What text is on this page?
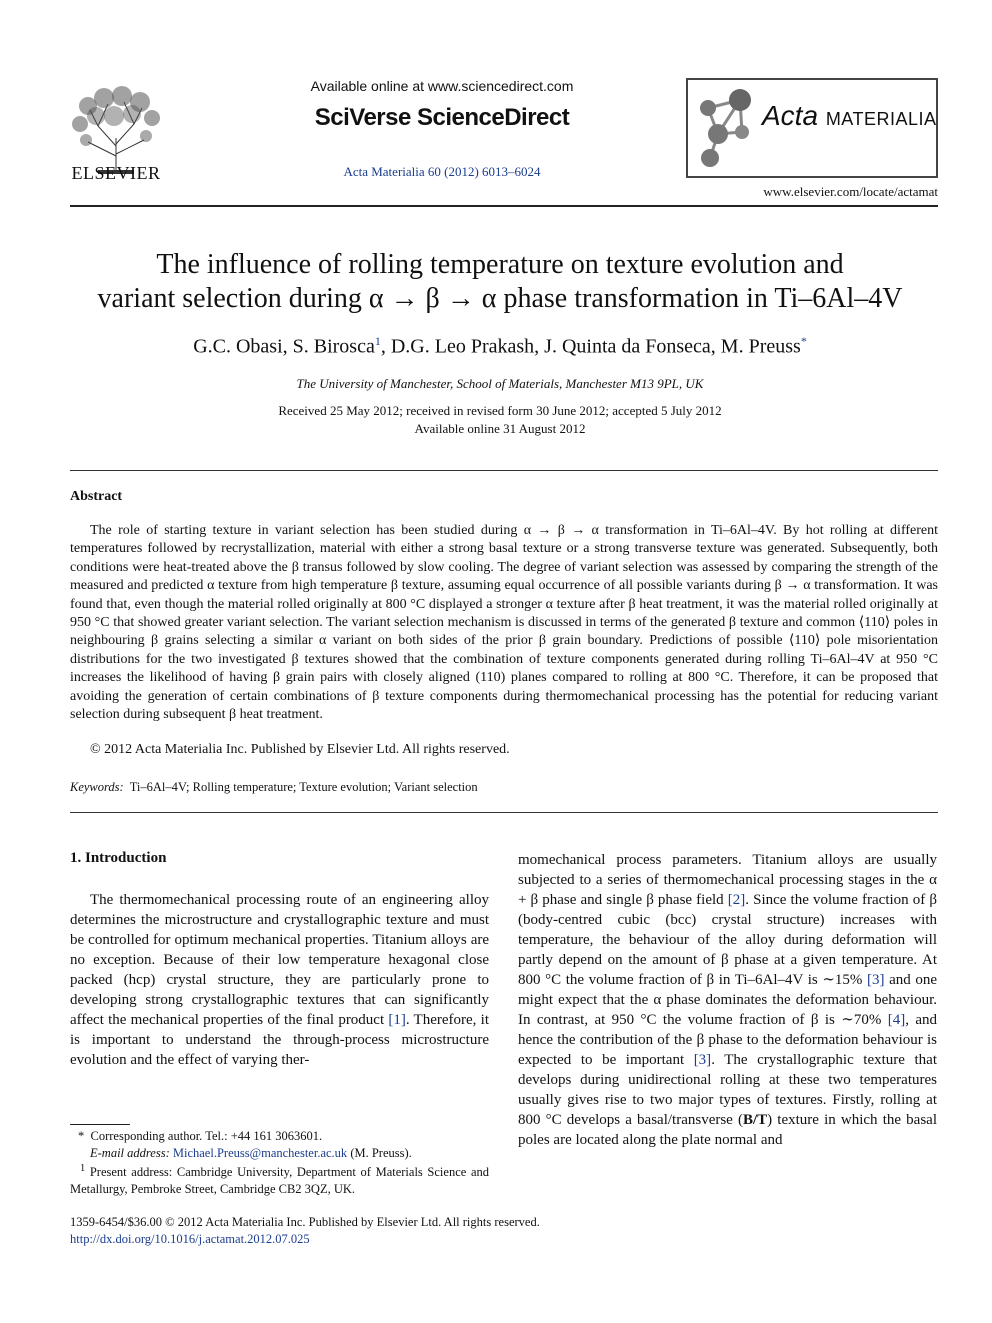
ELSEVIER
Available online at www.sciencedirect.com
SciVerse ScienceDirect
Acta Materialia 60 (2012) 6013–6024
Acta MATERIALIA
www.elsevier.com/locate/actamat
The influence of rolling temperature on texture evolution and
variant selection during α → β → α phase transformation in Ti–6Al–4V
G.C. Obasi, S. Birosca$^1$, D.G. Leo Prakash, J. Quinta da Fonseca, M. Preuss*
The University of Manchester, School of Materials, Manchester M13 9PL, UK
Received 25 May 2012; received in revised form 30 June 2012; accepted 5 July 2012
Available online 31 August 2012
Abstract
The role of starting texture in variant selection has been studied during α → β → α transformation in Ti–6Al–4V. By hot rolling at different temperatures followed by recrystallization, material with either a strong basal texture or a strong transverse texture was generated. Subsequently, both conditions were heat-treated above the β transus followed by slow cooling. The degree of variant selection was assessed by comparing the strength of the measured and predicted α texture from high temperature β texture, assuming equal occurrence of all possible variants during β → α transformation. It was found that, even though the material rolled originally at 800 °C displayed a stronger α texture after β heat treatment, it was the material rolled originally at 950 °C that showed greater variant selection. The variant selection mechanism is discussed in terms of the generated β texture and common ⟨110⟩ poles in neighbouring β grains selecting a similar α variant on both sides of the prior β grain boundary. Predictions of possible ⟨110⟩ pole misorientation distributions for the two investigated β textures showed that the combination of texture components generated during rolling Ti–6Al–4V at 950 °C increases the likelihood of having β grain pairs with closely aligned (110) planes compared to rolling at 800 °C. Therefore, it can be proposed that avoiding the generation of certain combinations of β texture components during thermomechanical processing has the potential for reducing variant selection during subsequent β heat treatment.
© 2012 Acta Materialia Inc. Published by Elsevier Ltd. All rights reserved.
Keywords: Ti–6Al–4V; Rolling temperature; Texture evolution; Variant selection
1. Introduction
The thermomechanical processing route of an engineering alloy determines the microstructure and crystallographic texture and must be controlled for optimum mechanical properties. Titanium alloys are no exception. Because of their low temperature hexagonal close packed (hcp) crystal structure, they are particularly prone to developing strong crystallographic textures that can significantly affect the mechanical properties of the final product [1]. Therefore, it is important to understand the through-process microstructure evolution and the effect of varying ther-
momechanical process parameters. Titanium alloys are usually subjected to a series of thermomechanical processing stages in the α + β phase and single β phase field [2]. Since the volume fraction of β (body-centred cubic (bcc) crystal structure) increases with temperature, the behaviour of the alloy during deformation will partly depend on the amount of β phase at a given temperature. At 800 °C the volume fraction of β in Ti–6Al–4V is ∼15% [3] and one might expect that the α phase dominates the deformation behaviour. In contrast, at 950 °C the volume fraction of β is ∼70% [4], and hence the contribution of the β phase to the deformation behaviour is expected to be important [3]. The crystallographic texture that develops during unidirectional rolling at these two temperatures usually gives rise to two major types of textures. Firstly, rolling at 800 °C develops a basal/transverse (B/T) texture in which the basal poles are located along the plate normal and
* Corresponding author. Tel.: +44 161 3063601.
E-mail address: Michael.Preuss@manchester.ac.uk (M. Preuss).
$^1$ Present address: Cambridge University, Department of Materials Science and Metallurgy, Pembroke Street, Cambridge CB2 3QZ, UK.
1359-6454/$36.00 © 2012 Acta Materialia Inc. Published by Elsevier Ltd. All rights reserved.
http://dx.doi.org/10.1016/j.actamat.2012.07.025
